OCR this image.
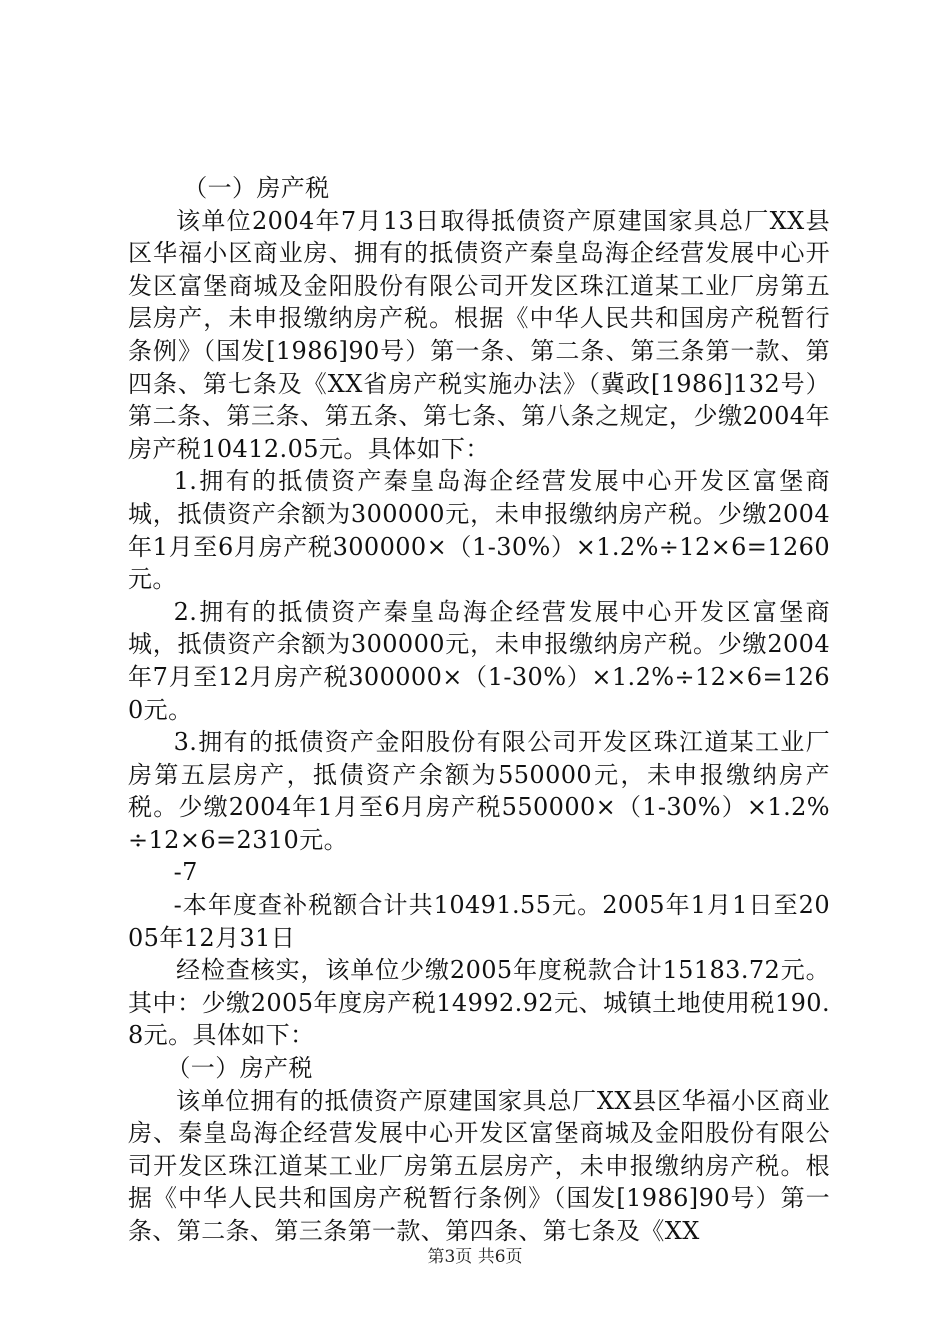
（一）房产税

该单位2004年7月13日取得抵债资产原建国家具总厂XX县区华福小区商业房、拥有的抵债资产秦皇岛海企经营发展中心开发区富堡商城及金阳股份有限公司开发区珠江道某工业厂房第五层房产，未申报缴纳房产税。根据《中华人民共和国房产税暂行条例》（国发[1986]90号）第一条、第二条、第三条第一款、第四条、第七条及《XX省房产税实施办法》（冀政[1986]132号）第二条、第三条、第五条、第七条、第八条之规定，少缴2004年房产税10412.05元。具体如下：

1.拥有的抵债资产秦皇岛海企经营发展中心开发区富堡商城，抵债资产余额为300000元，未申报缴纳房产税。少缴2004年1月至6月房产税300000×（1-30%）×1.2%÷12×6=1260元。

2.拥有的抵债资产秦皇岛海企经营发展中心开发区富堡商城，抵债资产余额为300000元，未申报缴纳房产税。少缴2004年7月至12月房产税300000×（1-30%）×1.2%÷12×6=1260元。

3.拥有的抵债资产金阳股份有限公司开发区珠江道某工业厂房第五层房产，抵债资产余额为550000元，未申报缴纳房产税。少缴2004年1月至6月房产税550000×（1-30%）×1.2%÷12×6=2310元。

-7

-本年度查补税额合计共10491.55元。2005年1月1日至2005年12月31日

经检查核实，该单位少缴2005年度税款合计15183.72元。其中：少缴2005年度房产税14992.92元、城镇土地使用税190.8元。具体如下：

（一）房产税

该单位拥有的抵债资产原建国家具总厂XX县区华福小区商业房、秦皇岛海企经营发展中心开发区富堡商城及金阳股份有限公司开发区珠江道某工业厂房第五层房产，未申报缴纳房产税。根据《中华人民共和国房产税暂行条例》（国发[1986]90号）第一条、第二条、第三条第一款、第四条、第七条及《XX

第3页 共6页
